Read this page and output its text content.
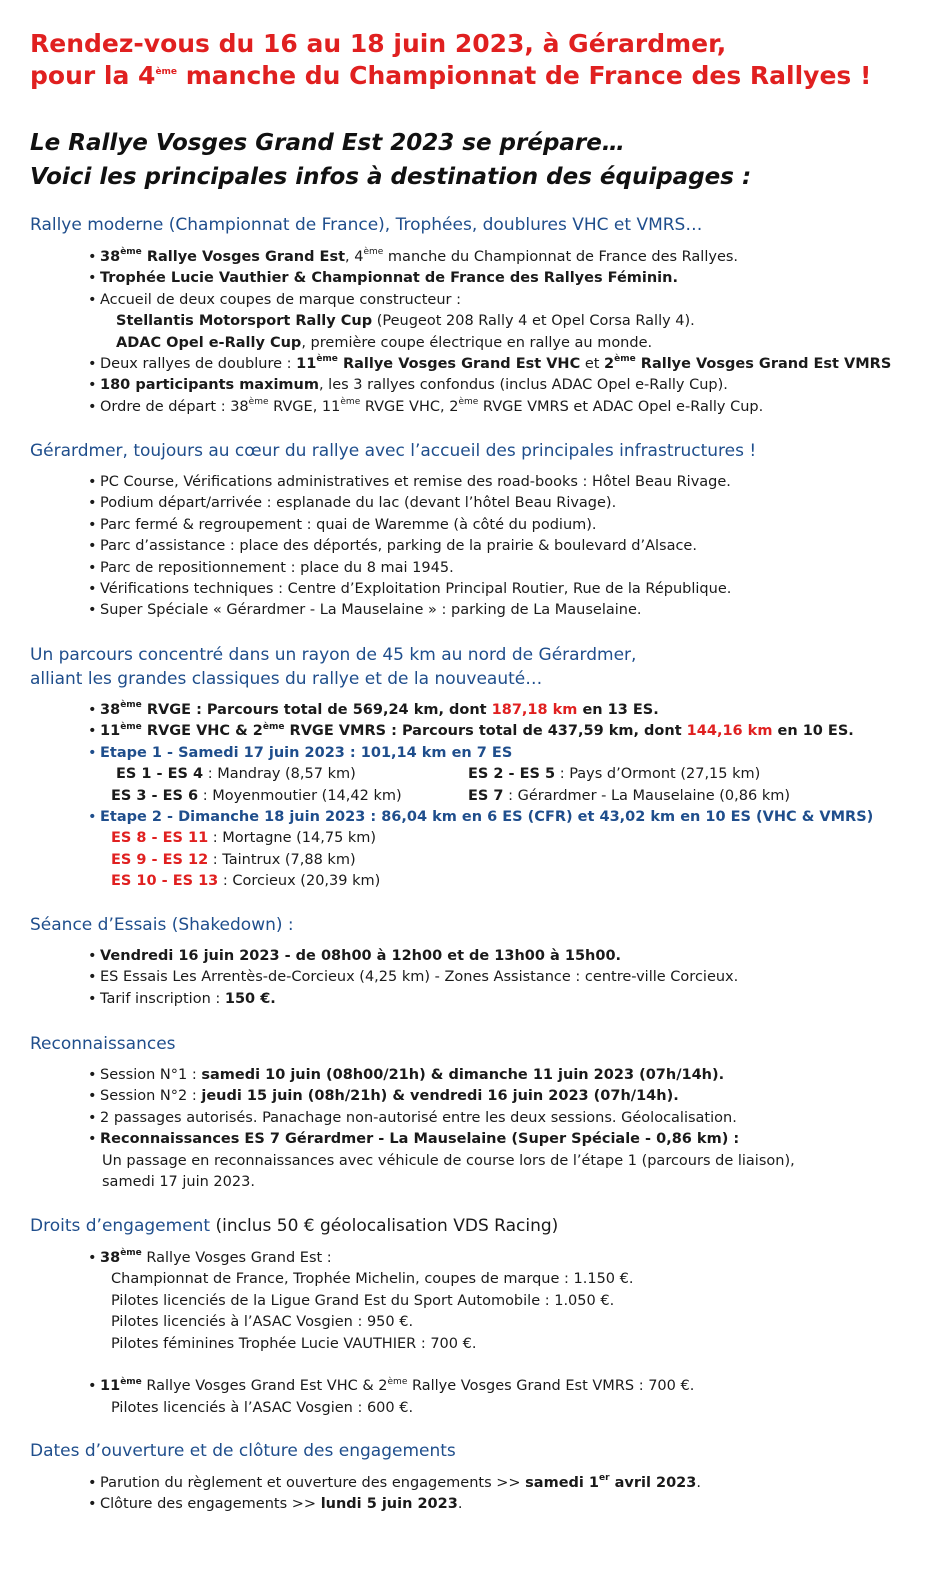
Rendez-vous du 16 au 18 juin 2023, à Gérardmer,
pour la 4ème manche du Championnat de France des Rallyes !
Le Rallye Vosges Grand Est 2023 se prépare…
Voici les principales infos à destination des équipages :
Rallye moderne (Championnat de France), Trophées, doublures VHC et VMRS…
• 38ème Rallye Vosges Grand Est, 4ème manche du Championnat de France des Rallyes.
• Trophée Lucie Vauthier & Championnat de France des Rallyes Féminin.
• Accueil de deux coupes de marque constructeur :
Stellantis Motorsport Rally Cup (Peugeot 208 Rally 4 et Opel Corsa Rally 4).
ADAC Opel e-Rally Cup, première coupe électrique en rallye au monde.
• Deux rallyes de doublure : 11ème Rallye Vosges Grand Est VHC et 2ème Rallye Vosges Grand Est VMRS
• 180 participants maximum, les 3 rallyes confondus (inclus ADAC Opel e-Rally Cup).
• Ordre de départ : 38ème RVGE, 11ème RVGE VHC, 2ème RVGE VMRS et ADAC Opel e-Rally Cup.
Gérardmer, toujours au cœur du rallye avec l’accueil des principales infrastructures !
• PC Course, Vérifications administratives et remise des road-books : Hôtel Beau Rivage.
• Podium départ/arrivée : esplanade du lac (devant l’hôtel Beau Rivage).
• Parc fermé & regroupement : quai de Waremme (à côté du podium).
• Parc d’assistance : place des déportés, parking de la prairie & boulevard d’Alsace.
• Parc de repositionnement : place du 8 mai 1945.
• Vérifications techniques : Centre d’Exploitation Principal Routier, Rue de la République.
• Super Spéciale « Gérardmer - La Mauselaine » : parking de La Mauselaine.
Un parcours concentré dans un rayon de 45 km au nord de Gérardmer,
alliant les grandes classiques du rallye et de la nouveauté…
• 38ème RVGE : Parcours total de 569,24 km, dont 187,18 km en 13 ES.
• 11ème RVGE VHC & 2ème RVGE VMRS : Parcours total de 437,59 km, dont 144,16 km en 10 ES.
• Etape 1 - Samedi 17 juin 2023 : 101,14 km en 7 ES
ES 1 - ES 4 : Mandray (8,57 km)	ES 2 - ES 5 : Pays d’Ormont (27,15 km)
ES 3 - ES 6 : Moyenmoutier (14,42 km)	ES 7 : Gérardmer - La Mauselaine (0,86 km)
• Etape 2 - Dimanche 18 juin 2023 : 86,04 km en 6 ES (CFR) et 43,02 km en 10 ES (VHC & VMRS)
ES 8 - ES 11 : Mortagne (14,75 km)
ES 9 - ES 12 : Taintrux (7,88 km)
ES 10 - ES 13 : Corcieux (20,39 km)
Séance d’Essais (Shakedown) :
• Vendredi 16 juin 2023 - de 08h00 à 12h00 et de 13h00 à 15h00.
• ES Essais Les Arrentès-de-Corcieux (4,25 km) - Zones Assistance : centre-ville Corcieux.
• Tarif inscription : 150 €.
Reconnaissances
• Session N°1 : samedi 10 juin (08h00/21h) & dimanche 11 juin 2023 (07h/14h).
• Session N°2 : jeudi 15 juin (08h/21h) & vendredi 16 juin 2023 (07h/14h).
• 2 passages autorisés. Panachage non-autorisé entre les deux sessions. Géolocalisation.
• Reconnaissances ES 7 Gérardmer - La Mauselaine (Super Spéciale - 0,86 km) :
Un passage en reconnaissances avec véhicule de course lors de l’étape 1 (parcours de liaison),
samedi 17 juin 2023.
Droits d’engagement (inclus 50 € géolocalisation VDS Racing)
• 38ème Rallye Vosges Grand Est :
Championnat de France, Trophée Michelin, coupes de marque : 1.150 €.
Pilotes licenciés de la Ligue Grand Est du Sport Automobile : 1.050 €.
Pilotes licenciés à l’ASAC Vosgien : 950 €.
Pilotes féminines Trophée Lucie VAUTHIER : 700 €.
• 11ème Rallye Vosges Grand Est VHC & 2ème Rallye Vosges Grand Est VMRS : 700 €.
Pilotes licenciés à l’ASAC Vosgien : 600 €.
Dates d’ouverture et de clôture des engagements
• Parution du règlement et ouverture des engagements >> samedi 1er avril 2023.
• Clôture des engagements >> lundi 5 juin 2023.
